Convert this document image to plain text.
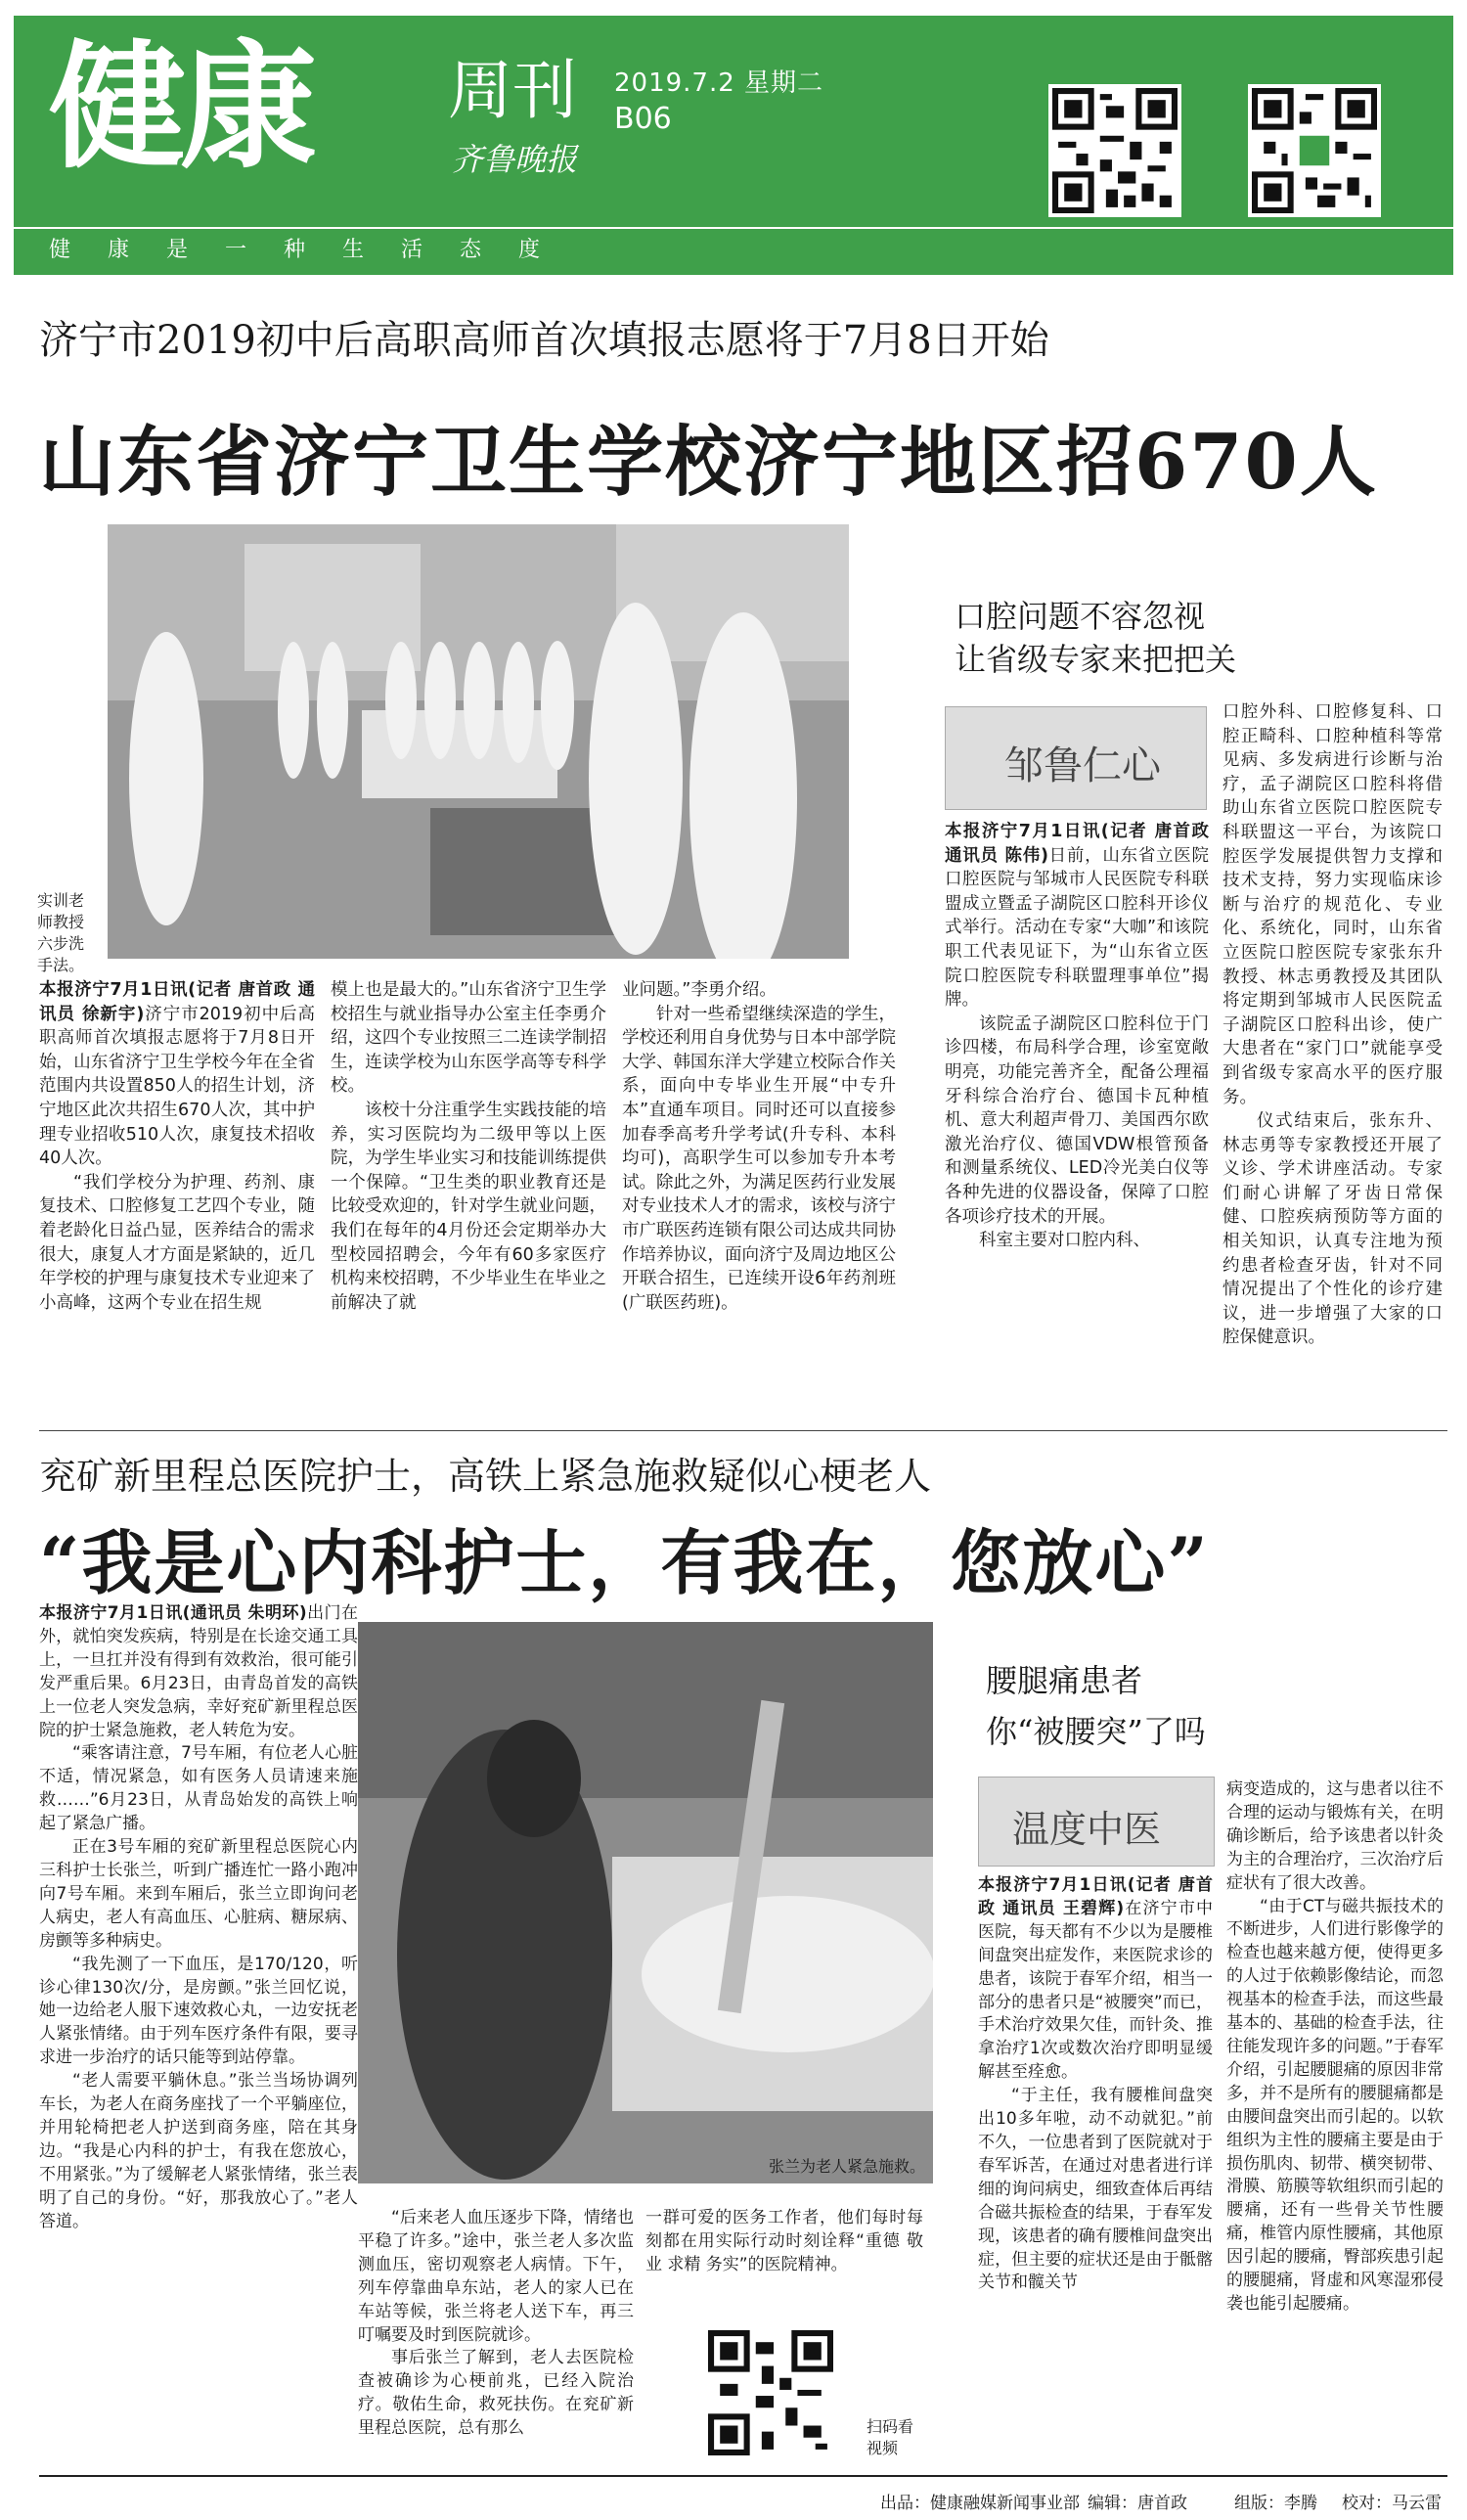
健康 周刊 2019.7.2 星期二
B06
齐鲁晚报
健康是一种生活态度
济宁市2019初中后高职高师首次填报志愿将于7月8日开始
山东省济宁卫生学校济宁地区招670人
实训老师教授六步洗手法。

本报济宁7月1日讯(记者 唐首政 通讯员 徐新宇)济宁市2019初中后高职高师首次填报志愿将于7月8日开始，山东省济宁卫生学校今年在全省范围内共设置850人的招生计划，济宁地区此次共招生670人次，其中护理专业招收510人次，康复技术招收40人次。

“我们学校分为护理、药剂、康复技术、口腔修复工艺四个专业，随着老龄化日益凸显，医养结合的需求很大，康复人才方面是紧缺的，近几年学校的护理与康复技术专业迎来了小高峰，这两个专业在招生规

模上也是最大的。”山东省济宁卫生学校招生与就业指导办公室主任李勇介绍，这四个专业按照三二连读学制招生，连读学校为山东医学高等专科学校。

该校十分注重学生实践技能的培养，实习医院均为二级甲等以上医院，为学生毕业实习和技能训练提供一个保障。“卫生类的职业教育还是比较受欢迎的，针对学生就业问题，我们在每年的4月份还会定期举办大型校园招聘会，今年有60多家医疗机构来校招聘，不少毕业生在毕业之前解决了就

业问题。”李勇介绍。

针对一些希望继续深造的学生，学校还利用自身优势与日本中部学院大学、韩国东洋大学建立校际合作关系，面向中专毕业生开展“中专升本”直通车项目。同时还可以直接参加春季高考升学考试(升专科、本科均可)，高职学生可以参加专升本考试。除此之外，为满足医药行业发展对专业技术人才的需求，该校与济宁市广联医药连锁有限公司达成共同协作培养协议，面向济宁及周边地区公开联合招生，已连续开设6年药剂班(广联医药班)。

口腔问题不容忽视
让省级专家来把把关
邹鲁仁心

本报济宁7月1日讯(记者 唐首政 通讯员 陈伟)日前，山东省立医院口腔医院与邹城市人民医院专科联盟成立暨孟子湖院区口腔科开诊仪式举行。活动在专家“大咖”和该院职工代表见证下，为“山东省立医院口腔医院专科联盟理事单位”揭牌。

该院孟子湖院区口腔科位于门诊四楼，布局科学合理，诊室宽敞明亮，功能完善齐全，配备公理福牙科综合治疗台、德国卡瓦种植机、意大利超声骨刀、美国西尔欧激光治疗仪、德国VDW根管预备和测量系统仪、LED冷光美白仪等各种先进的仪器设备，保障了口腔各项诊疗技术的开展。

科室主要对口腔内科、

口腔外科、口腔修复科、口腔正畸科、口腔种植科等常见病、多发病进行诊断与治疗，孟子湖院区口腔科将借助山东省立医院口腔医院专科联盟这一平台，为该院口腔医学发展提供智力支撑和技术支持，努力实现临床诊断与治疗的规范化、专业化、系统化，同时，山东省立医院口腔医院专家张东升教授、林志勇教授及其团队将定期到邹城市人民医院孟子湖院区口腔科出诊，使广大患者在“家门口”就能享受到省级专家高水平的医疗服务。

仪式结束后，张东升、林志勇等专家教授还开展了义诊、学术讲座活动。专家们耐心讲解了牙齿日常保健、口腔疾病预防等方面的相关知识，认真专注地为预约患者检查牙齿，针对不同情况提出了个性化的诊疗建议，进一步增强了大家的口腔保健意识。

兖矿新里程总医院护士，高铁上紧急施救疑似心梗老人
“我是心内科护士，有我在，您放心”

本报济宁7月1日讯(通讯员 朱明环)出门在外，就怕突发疾病，特别是在长途交通工具上，一旦扛并没有得到有效救治，很可能引发严重后果。6月23日，由青岛首发的高铁上一位老人突发急病，幸好兖矿新里程总医院的护士紧急施救，老人转危为安。

“乘客请注意，7号车厢，有位老人心脏不适，情况紧急，如有医务人员请速来施救……”6月23日，从青岛始发的高铁上响起了紧急广播。

正在3号车厢的兖矿新里程总医院心内三科护士长张兰，听到广播连忙一路小跑冲向7号车厢。来到车厢后，张兰立即询问老人病史，老人有高血压、心脏病、糖尿病、房颤等多种病史。

“我先测了一下血压，是170/120，听诊心律130次/分，是房颤。”张兰回忆说，她一边给老人服下速效救心丸，一边安抚老人紧张情绪。由于列车医疗条件有限，要寻求进一步治疗的话只能等到站停靠。

“老人需要平躺休息。”张兰当场协调列车长，为老人在商务座找了一个平躺座位，并用轮椅把老人护送到商务座，陪在其身边。“我是心内科的护士，有我在您放心，不用紧张。”为了缓解老人紧张情绪，张兰表明了自己的身份。“好，那我放心了。”老人答道。

张兰为老人紧急施救。

“后来老人血压逐步下降，情绪也平稳了许多。”途中，张兰老人多次监测血压，密切观察老人病情。下午，列车停靠曲阜东站，老人的家人已在车站等候，张兰将老人送下车，再三叮嘱要及时到医院就诊。

事后张兰了解到，老人去医院检查被确诊为心梗前兆，已经入院治疗。敬佑生命，救死扶伤。在兖矿新里程总医院，总有那么

一群可爱的医务工作者，他们每时每刻都在用实际行动时刻诠释“重德 敬业 求精 务实”的医院精神。

扫码看视频
腰腿痛患者
你“被腰突”了吗
温度中医

本报济宁7月1日讯(记者 唐首政 通讯员 王碧辉)在济宁市中医院，每天都有不少以为是腰椎间盘突出症发作，来医院求诊的患者，该院于春军介绍，相当一部分的患者只是“被腰突”而已，手术治疗效果欠佳，而针灸、推拿治疗1次或数次治疗即明显缓解甚至痊愈。

“于主任，我有腰椎间盘突出10多年啦，动不动就犯。”前不久，一位患者到了医院就对于春军诉苦，在通过对患者进行详细的询问病史，细致查体后再结合磁共振检查的结果，于春军发现，该患者的确有腰椎间盘突出症，但主要的症状还是由于骶髂关节和髋关节

病变造成的，这与患者以往不合理的运动与锻炼有关，在明确诊断后，给予该患者以针灸为主的合理治疗，三次治疗后症状有了很大改善。

“由于CT与磁共振技术的不断进步，人们进行影像学的检查也越来越方便，使得更多的人过于依赖影像结论，而忽视基本的检查手法，而这些最基本的、基础的检查手法，往往能发现许多的问题。”于春军介绍，引起腰腿痛的原因非常多，并不是所有的腰腿痛都是由腰间盘突出而引起的。以软组织为主性的腰痛主要是由于损伤肌肉、韧带、横突韧带、滑膜、筋膜等软组织而引起的腰痛，还有一些骨关节性腰痛，椎管内原性腰痛，其他原因引起的腰痛，臀部疾患引起的腰腿痛，肾虚和风寒湿邪侵袭也能引起腰痛。

出品：健康融媒新闻事业部 编辑：唐首政	组版：李腾 校对：马云雷
